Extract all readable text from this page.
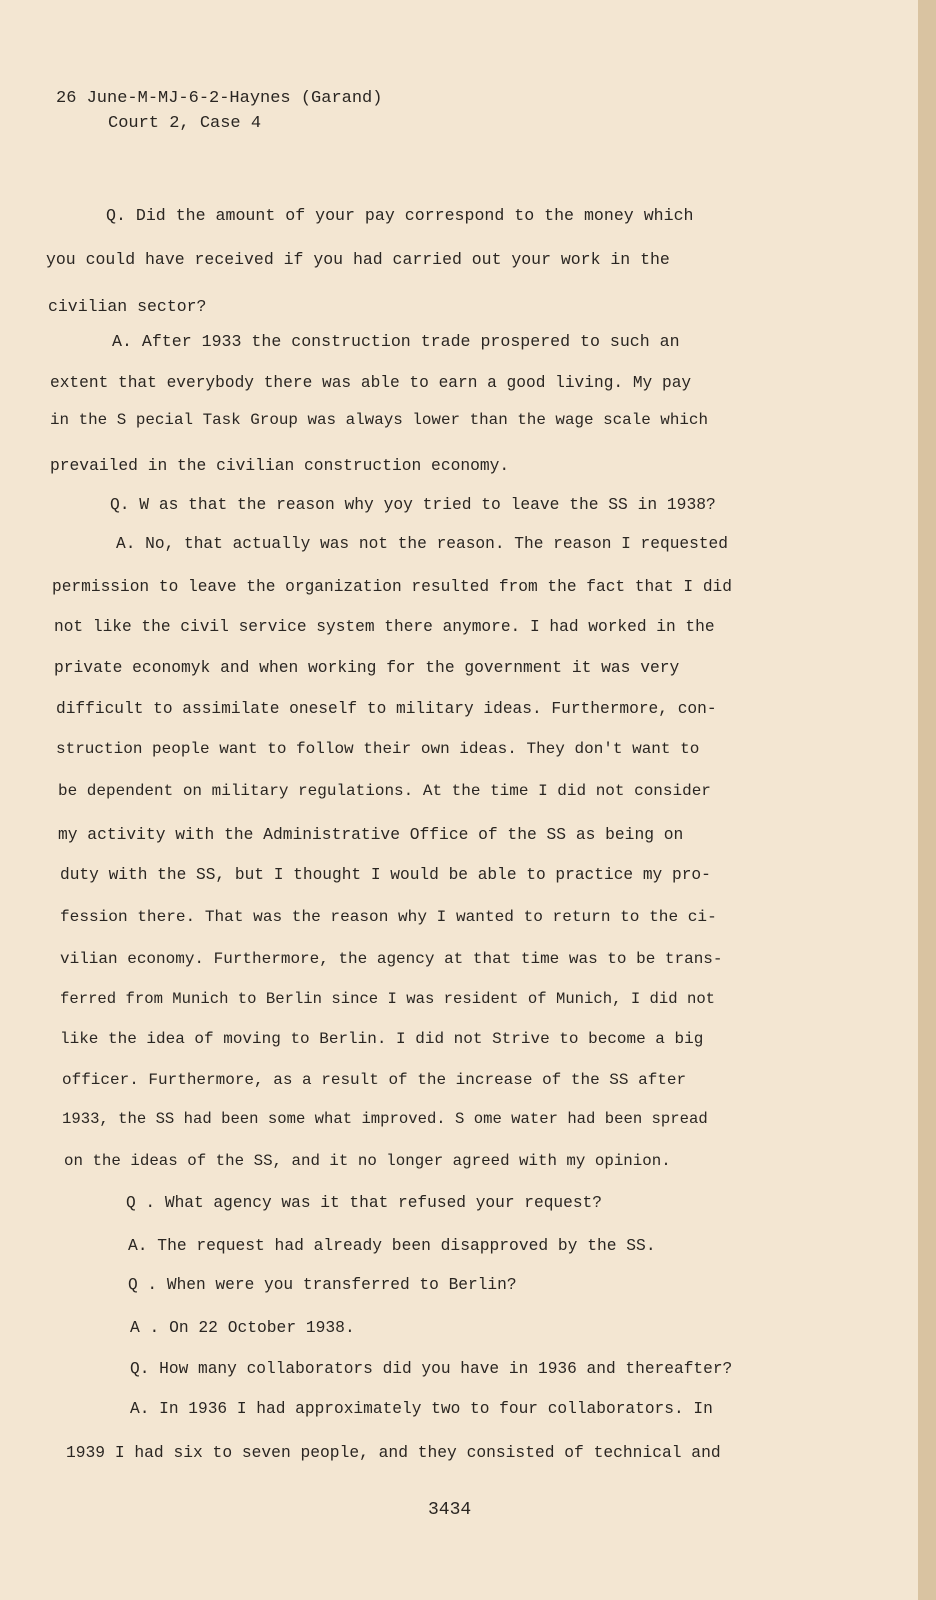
26 June-M-MJ-6-2-Haynes (Garand)
Court 2, Case 4
Q. Did the amount of your pay correspond to the money which
you could have received if you had carried out your work in the
civilian sector?
A. After 1933 the construction trade prospered to such an
extent that everybody there was able to earn a good living. My pay
in the S pecial Task Group was always lower than the wage scale which
prevailed in the civilian construction economy.
Q. W as that the reason why yoy tried to leave the SS in 1938?
A. No, that actually was not the reason. The reason I requested
permission to leave the organization resulted from the fact that I did
not like the civil service system there anymore. I had worked in the
private economyk and when working for the government it was very
difficult to assimilate oneself to military ideas. Furthermore, con-
struction people want to follow their own ideas. They don't want to
be dependent on military regulations. At the time I did not consider
my activity with the Administrative Office of the SS as being on
duty with the SS, but I thought I would be able to practice my pro-
fession there. That was the reason why I wanted to return to the ci-
vilian economy. Furthermore, the agency at that time was to be trans-
ferred from Munich to Berlin since I was resident of Munich, I did not
like the idea of moving to Berlin. I did not Strive to become a big
officer. Furthermore, as a result of the increase of the SS after
1933, the SS had been some what improved. S ome water had been spread
on the ideas of the SS, and it no longer agreed with my opinion.
Q . What agency was it that refused your request?
A. The request had already been disapproved by the SS.
Q . When were you transferred to Berlin?
A . On 22 October 1938.
Q. How many collaborators did you have in 1936 and thereafter?
A. In 1936 I had approximately two to four collaborators. In
1939 I had six to seven people, and they consisted of technical and
3434
